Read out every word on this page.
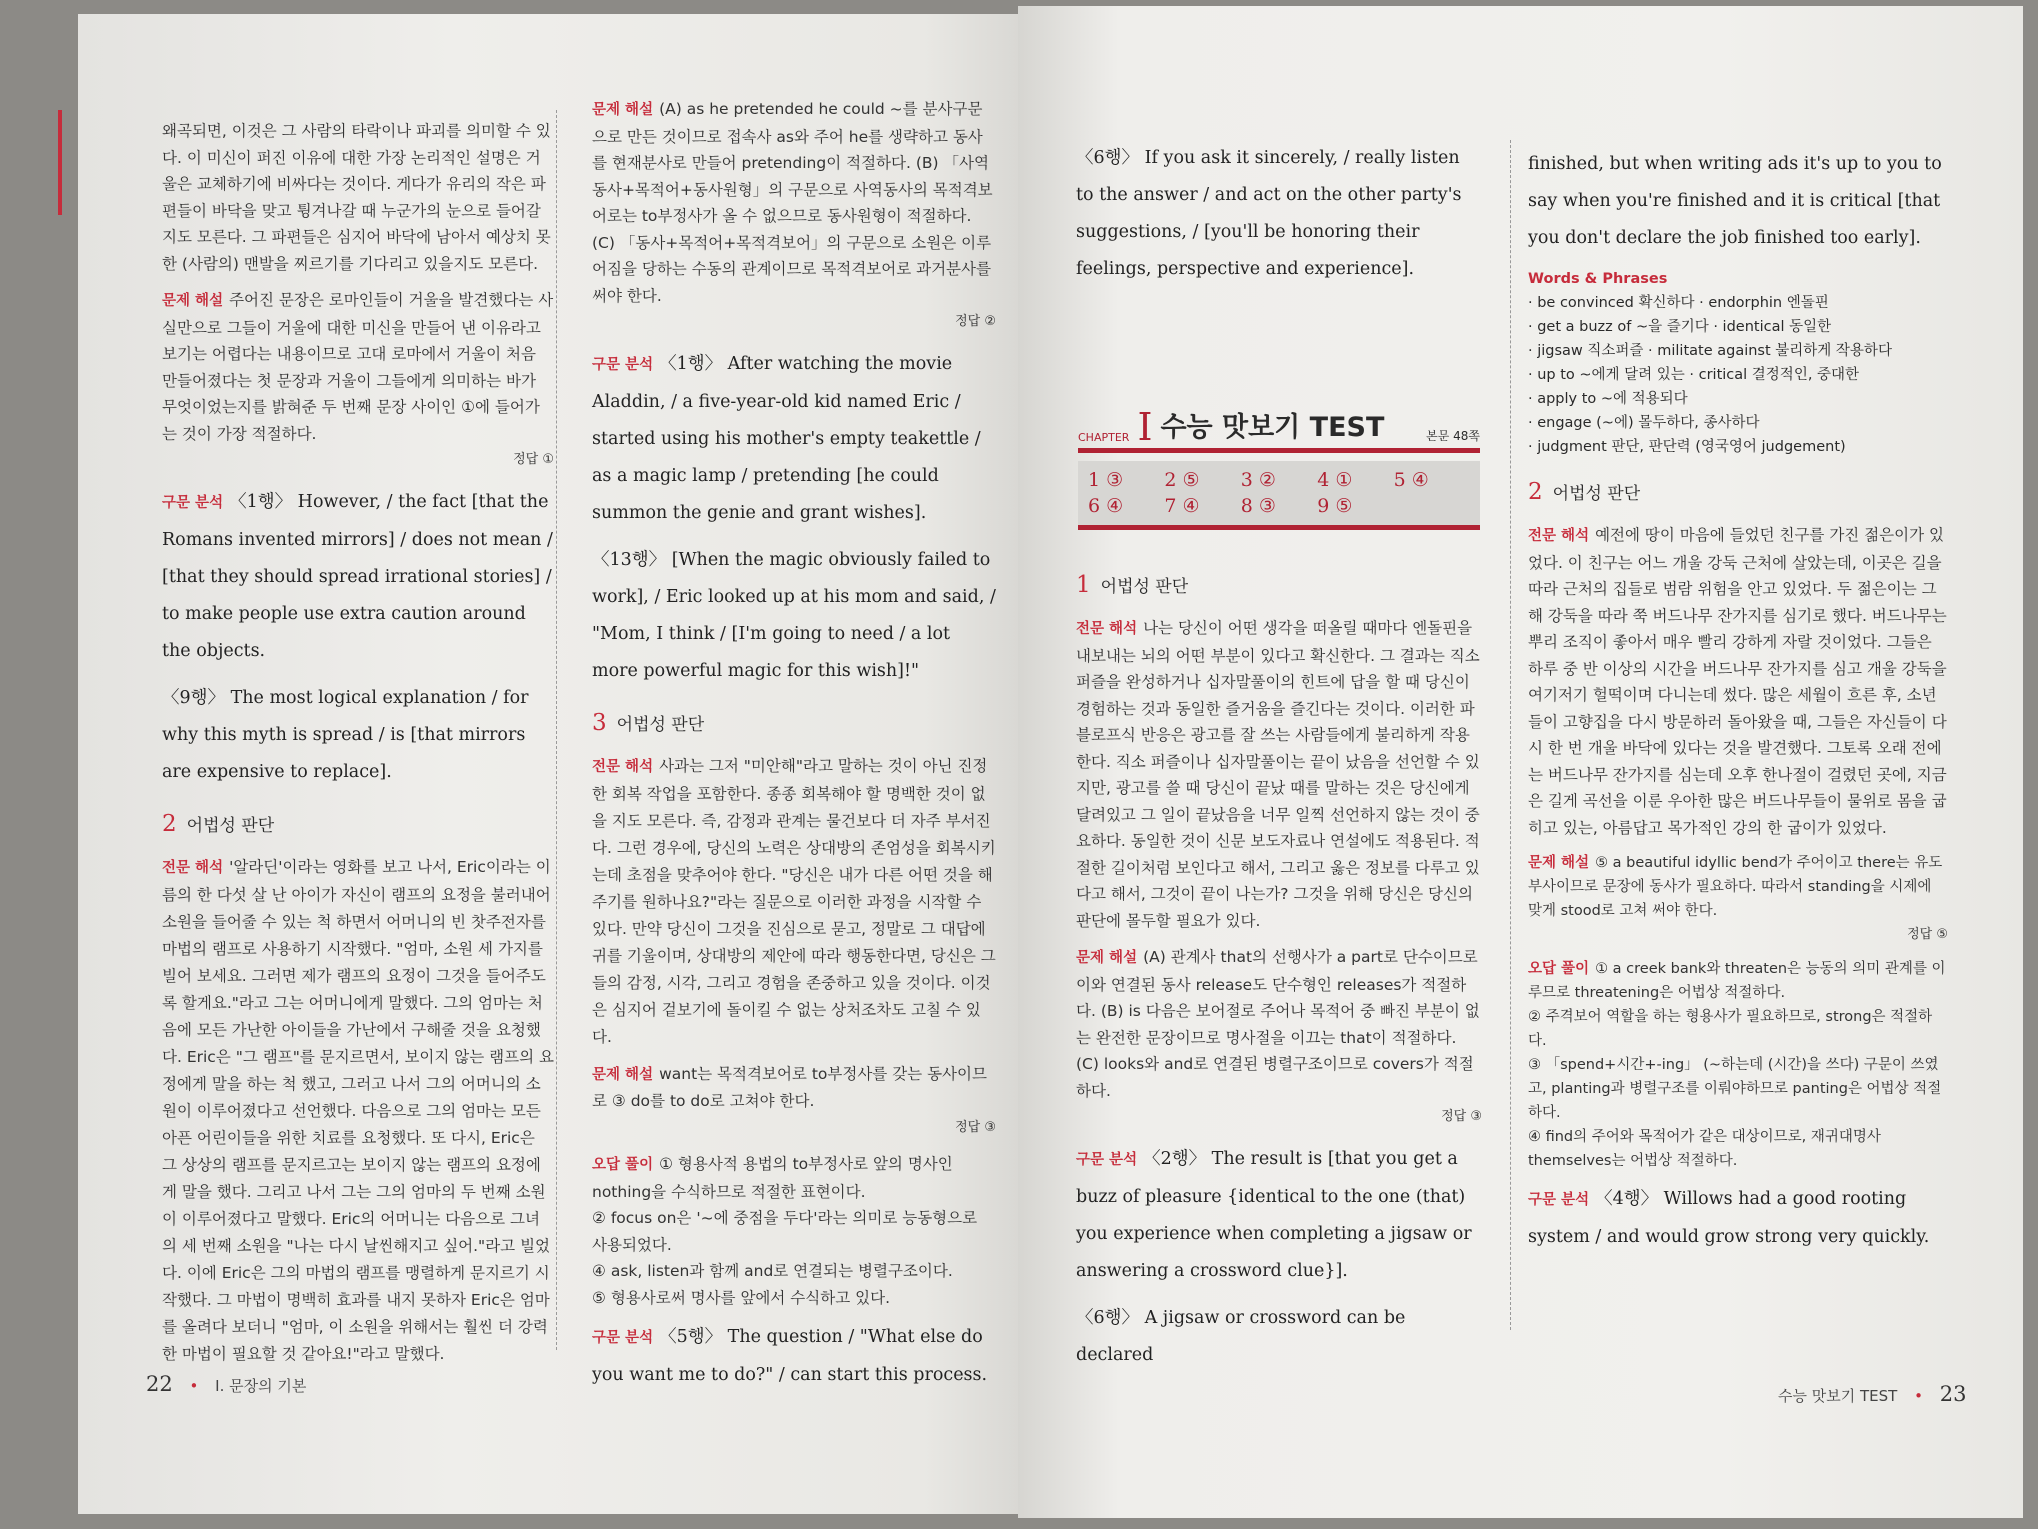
왜곡되면, 이것은 그 사람의 타락이나 파괴를 의미할 수 있다. 이 미신이 퍼진 이유에 대한 가장 논리적인 설명은 거울은 교체하기에 비싸다는 것이다. 게다가 유리의 작은 파편들이 바닥을 맞고 튕겨나갈 때 누군가의 눈으로 들어갈지도 모른다. 그 파편들은 심지어 바닥에 남아서 예상치 못한 (사람의) 맨발을 찌르기를 기다리고 있을지도 모른다.

문제 해설 주어진 문장은 로마인들이 거울을 발견했다는 사실만으로 그들이 거울에 대한 미신을 만들어 낸 이유라고 보기는 어렵다는 내용이므로 고대 로마에서 거울이 처음 만들어졌다는 첫 문장과 거울이 그들에게 의미하는 바가 무엇이었는지를 밝혀준 두 번째 문장 사이인 ①에 들어가는 것이 가장 적절하다.
정답 ①

구문 분석 〈1행〉 However, / the fact [that the Romans invented mirrors] / does not mean / [that they should spread irrational stories] / to make people use extra caution around the objects.

〈9행〉 The most logical explanation / for why this myth is spread / is [that mirrors are expensive to replace].

2 어법성 판단

전문 해석 '알라딘'이라는 영화를 보고 나서, Eric이라는 이름의 한 다섯 살 난 아이가 자신이 램프의 요정을 불러내어 소원을 들어줄 수 있는 척 하면서 어머니의 빈 찻주전자를 마법의 램프로 사용하기 시작했다. "엄마, 소원 세 가지를 빌어 보세요. 그러면 제가 램프의 요정이 그것을 들어주도록 할게요."라고 그는 어머니에게 말했다. 그의 엄마는 처음에 모든 가난한 아이들을 가난에서 구해줄 것을 요청했다. Eric은 "그 램프"를 문지르면서, 보이지 않는 램프의 요정에게 말을 하는 척 했고, 그러고 나서 그의 어머니의 소원이 이루어졌다고 선언했다. 다음으로 그의 엄마는 모든 아픈 어린이들을 위한 치료를 요청했다. 또 다시, Eric은 그 상상의 램프를 문지르고는 보이지 않는 램프의 요정에게 말을 했다. 그리고 나서 그는 그의 엄마의 두 번째 소원이 이루어졌다고 말했다. Eric의 어머니는 다음으로 그녀의 세 번째 소원을 "나는 다시 날씬해지고 싶어."라고 빌었다. 이에 Eric은 그의 마법의 램프를 맹렬하게 문지르기 시작했다. 그 마법이 명백히 효과를 내지 못하자 Eric은 엄마를 올려다 보더니 "엄마, 이 소원을 위해서는 훨씬 더 강력한 마법이 필요할 것 같아요!"라고 말했다.

문제 해설 (A) as he pretended he could ~를 분사구문으로 만든 것이므로 접속사 as와 주어 he를 생략하고 동사를 현재분사로 만들어 pretending이 적절하다. (B) 「사역동사+목적어+동사원형」의 구문으로 사역동사의 목적격보어로는 to부정사가 올 수 없으므로 동사원형이 적절하다. (C) 「동사+목적어+목적격보어」의 구문으로 소원은 이루어짐을 당하는 수동의 관계이므로 목적격보어로 과거분사를 써야 한다.
정답 ②

구문 분석 〈1행〉 After watching the movie Aladdin, / a five-year-old kid named Eric / started using his mother's empty teakettle / as a magic lamp / pretending [he could summon the genie and grant wishes].

〈13행〉 [When the magic obviously failed to work], / Eric looked up at his mom and said, / "Mom, I think / [I'm going to need / a lot more powerful magic for this wish]!"

3 어법성 판단

전문 해석 사과는 그저 "미안해"라고 말하는 것이 아닌 진정한 회복 작업을 포함한다. 종종 회복해야 할 명백한 것이 없을 지도 모른다. 즉, 감정과 관계는 물건보다 더 자주 부서진다. 그런 경우에, 당신의 노력은 상대방의 존엄성을 회복시키는데 초점을 맞추어야 한다. "당신은 내가 다른 어떤 것을 해 주기를 원하나요?"라는 질문으로 이러한 과정을 시작할 수 있다. 만약 당신이 그것을 진심으로 묻고, 정말로 그 대답에 귀를 기울이며, 상대방의 제안에 따라 행동한다면, 당신은 그들의 감정, 시각, 그리고 경험을 존중하고 있을 것이다. 이것은 심지어 겉보기에 돌이킬 수 없는 상처조차도 고칠 수 있다.

문제 해설 want는 목적격보어로 to부정사를 갖는 동사이므로 ③ do를 to do로 고쳐야 한다.
정답 ③

오답 풀이 ① 형용사적 용법의 to부정사로 앞의 명사인 nothing을 수식하므로 적절한 표현이다.
② focus on은 '~에 중점을 두다'라는 의미로 능동형으로 사용되었다.
④ ask, listen과 함께 and로 연결되는 병렬구조이다.
⑤ 형용사로써 명사를 앞에서 수식하고 있다.

구문 분석 〈5행〉 The question / "What else do you want me to do?" / can start this process.

22 • I. 문장의 기본

〈6행〉 If you ask it sincerely, / really listen to the answer / and act on the other party's suggestions, / [you'll be honoring their feelings, perspective and experience].

CHAPTER I 수능 맛보기 TEST	본문 48쪽
1 ③	2 ⑤	3 ②	4 ①	5 ④
6 ④	7 ④	8 ③	9 ⑤
1 어법성 판단

전문 해석 나는 당신이 어떤 생각을 떠올릴 때마다 엔돌핀을 내보내는 뇌의 어떤 부분이 있다고 확신한다. 그 결과는 직소 퍼즐을 완성하거나 십자말풀이의 힌트에 답을 할 때 당신이 경험하는 것과 동일한 즐거움을 즐긴다는 것이다. 이러한 파블로프식 반응은 광고를 잘 쓰는 사람들에게 불리하게 작용한다. 직소 퍼즐이나 십자말풀이는 끝이 났음을 선언할 수 있지만, 광고를 쓸 때 당신이 끝났 때를 말하는 것은 당신에게 달려있고 그 일이 끝났음을 너무 일찍 선언하지 않는 것이 중요하다. 동일한 것이 신문 보도자료나 연설에도 적용된다. 적절한 길이처럼 보인다고 해서, 그리고 옳은 정보를 다루고 있다고 해서, 그것이 끝이 나는가? 그것을 위해 당신은 당신의 판단에 몰두할 필요가 있다.

문제 해설 (A) 관계사 that의 선행사가 a part로 단수이므로 이와 연결된 동사 release도 단수형인 releases가 적절하다. (B) is 다음은 보어절로 주어나 목적어 중 빠진 부분이 없는 완전한 문장이므로 명사절을 이끄는 that이 적절하다. (C) looks와 and로 연결된 병렬구조이므로 covers가 적절하다.
정답 ③

구문 분석 〈2행〉 The result is [that you get a buzz of pleasure {identical to the one (that) you experience when completing a jigsaw or answering a crossword clue}].

〈6행〉 A jigsaw or crossword can be declared

finished, but when writing ads it's up to you to say when you're finished and it is critical [that you don't declare the job finished too early].

Words & Phrases
· be convinced 확신하다 · endorphin 엔돌핀
· get a buzz of ~을 즐기다 · identical 동일한
· jigsaw 직소퍼즐 · militate against 불리하게 작용하다
· up to ~에게 달려 있는 · critical 결정적인, 중대한
· apply to ~에 적용되다
· engage (~에) 몰두하다, 종사하다
· judgment 판단, 판단력 (영국영어 judgement)
2 어법성 판단

전문 해석 예전에 땅이 마음에 들었던 친구를 가진 젊은이가 있었다. 이 친구는 어느 개울 강둑 근처에 살았는데, 이곳은 길을 따라 근처의 집들로 범람 위험을 안고 있었다. 두 젊은이는 그해 강둑을 따라 쭉 버드나무 잔가지를 심기로 했다. 버드나무는 뿌리 조직이 좋아서 매우 빨리 강하게 자랄 것이었다. 그들은 하루 중 반 이상의 시간을 버드나무 잔가지를 심고 개울 강둑을 여기저기 헐떡이며 다니는데 썼다. 많은 세월이 흐른 후, 소년들이 고향집을 다시 방문하러 돌아왔을 때, 그들은 자신들이 다시 한 번 개울 바닥에 있다는 것을 발견했다. 그토록 오래 전에는 버드나무 잔가지를 심는데 오후 한나절이 걸렸던 곳에, 지금은 길게 곡선을 이룬 우아한 많은 버드나무들이 물위로 몸을 굽히고 있는, 아름답고 목가적인 강의 한 굽이가 있었다.

문제 해설 ⑤ a beautiful idyllic bend가 주어이고 there는 유도부사이므로 문장에 동사가 필요하다. 따라서 standing을 시제에 맞게 stood로 고쳐 써야 한다.
정답 ⑤

오답 풀이 ① a creek bank와 threaten은 능동의 의미 관계를 이루므로 threatening은 어법상 적절하다.
② 주격보어 역할을 하는 형용사가 필요하므로, strong은 적절하다.
③ 「spend+시간+-ing」 (~하는데 (시간)을 쓰다) 구문이 쓰였고, planting과 병렬구조를 이뤄야하므로 panting은 어법상 적절하다.
④ find의 주어와 목적어가 같은 대상이므로, 재귀대명사 themselves는 어법상 적절하다.

구문 분석 〈4행〉 Willows had a good rooting system / and would grow strong very quickly.

수능 맛보기 TEST • 23
